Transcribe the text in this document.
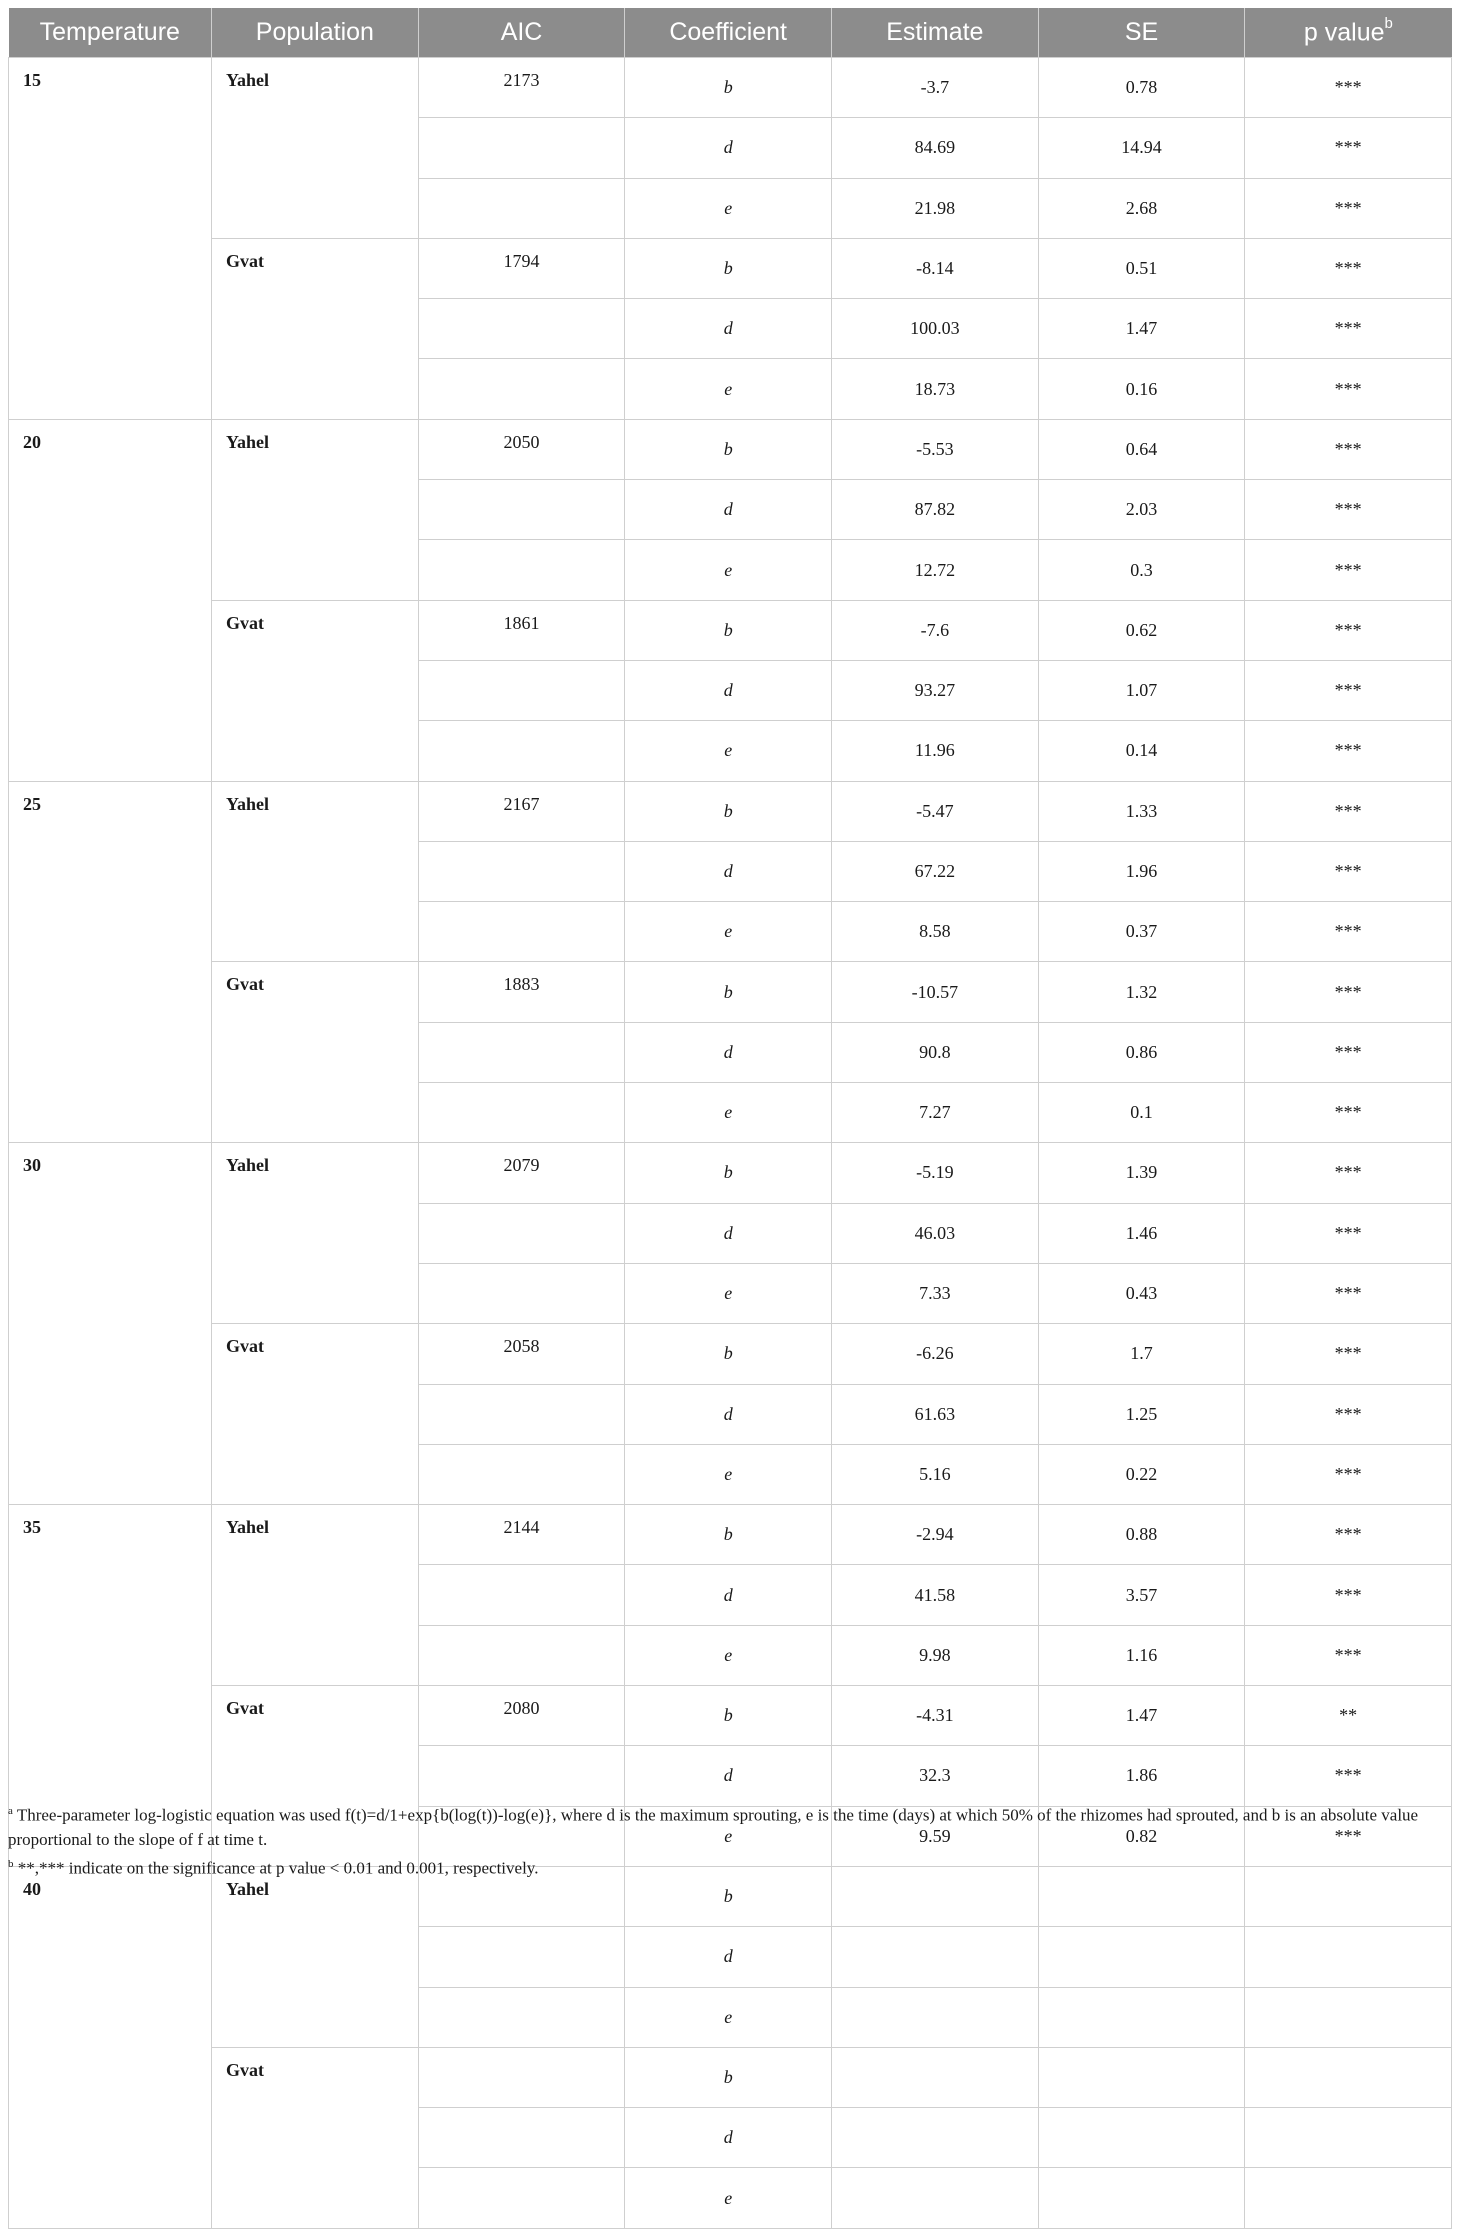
Temperature	Population	AIC	Coefficient	Estimate	SE	p value$^b$
15	Yahel	2173	b	-3.7	0.78	***
			d	84.69	14.94	***
			e	21.98	2.68	***
	Gvat	1794	b	-8.14	0.51	***
			d	100.03	1.47	***
			e	18.73	0.16	***
20	Yahel	2050	b	-5.53	0.64	***
			d	87.82	2.03	***
			e	12.72	0.3	***
	Gvat	1861	b	-7.6	0.62	***
			d	93.27	1.07	***
			e	11.96	0.14	***
25	Yahel	2167	b	-5.47	1.33	***
			d	67.22	1.96	***
			e	8.58	0.37	***
	Gvat	1883	b	-10.57	1.32	***
			d	90.8	0.86	***
			e	7.27	0.1	***
30	Yahel	2079	b	-5.19	1.39	***
			d	46.03	1.46	***
			e	7.33	0.43	***
	Gvat	2058	b	-6.26	1.7	***
			d	61.63	1.25	***
			e	5.16	0.22	***
35	Yahel	2144	b	-2.94	0.88	***
			d	41.58	3.57	***
			e	9.98	1.16	***
	Gvat	2080	b	-4.31	1.47	**
			d	32.3	1.86	***
			e	9.59	0.82	***
40	Yahel		b			
			d			
			e			
	Gvat		b			
			d			
			e			

$^a$ Three-parameter log-logistic equation was used f(t)=d/1+exp{b(log(t))-log(e)}, where d is the maximum sprouting, e is the time (days) at which 50% of the rhizomes had sprouted, and b is an absolute value proportional to the slope of f at time t.

$^b$ **,*** indicate on the significance at p value < 0.01 and 0.001, respectively.
